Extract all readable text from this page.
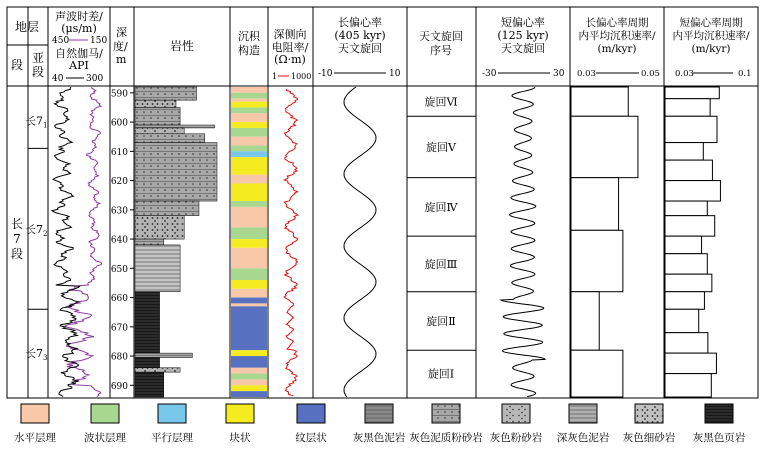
地层
段 亚
段
声波时差/
(μs/m)
450 150
自然伽马/
API
40	300
深
度/
m
岩性
沉积
构造
深侧向
电阻率/
(Ω·m)
1 1000
长偏心率
(405 kyr)
天文旋回
-10	10
天文旋回
序号
短偏心率
(125 kyr)
天文旋回
-30	30
长偏心率周期
内平均沉积速率/
(m/kyr)
0.03	0.05
短偏心率周期
内平均沉积速率/
(m/kyr)
0.03	0.1
长
7
段
长7 1
长7 2
长7 3
590
600
610
620
630
640
650
660
670
680
690
旋回Ⅰ
旋回Ⅱ
旋回Ⅲ
旋回Ⅳ
旋回Ⅴ
旋回Ⅵ
水平层理	波状层理 平行层理	块状	纹层状 灰黑色泥岩 灰色泥质粉砂岩 灰色粉砂岩 深灰色泥岩 灰色细砂岩 灰黑色页岩
